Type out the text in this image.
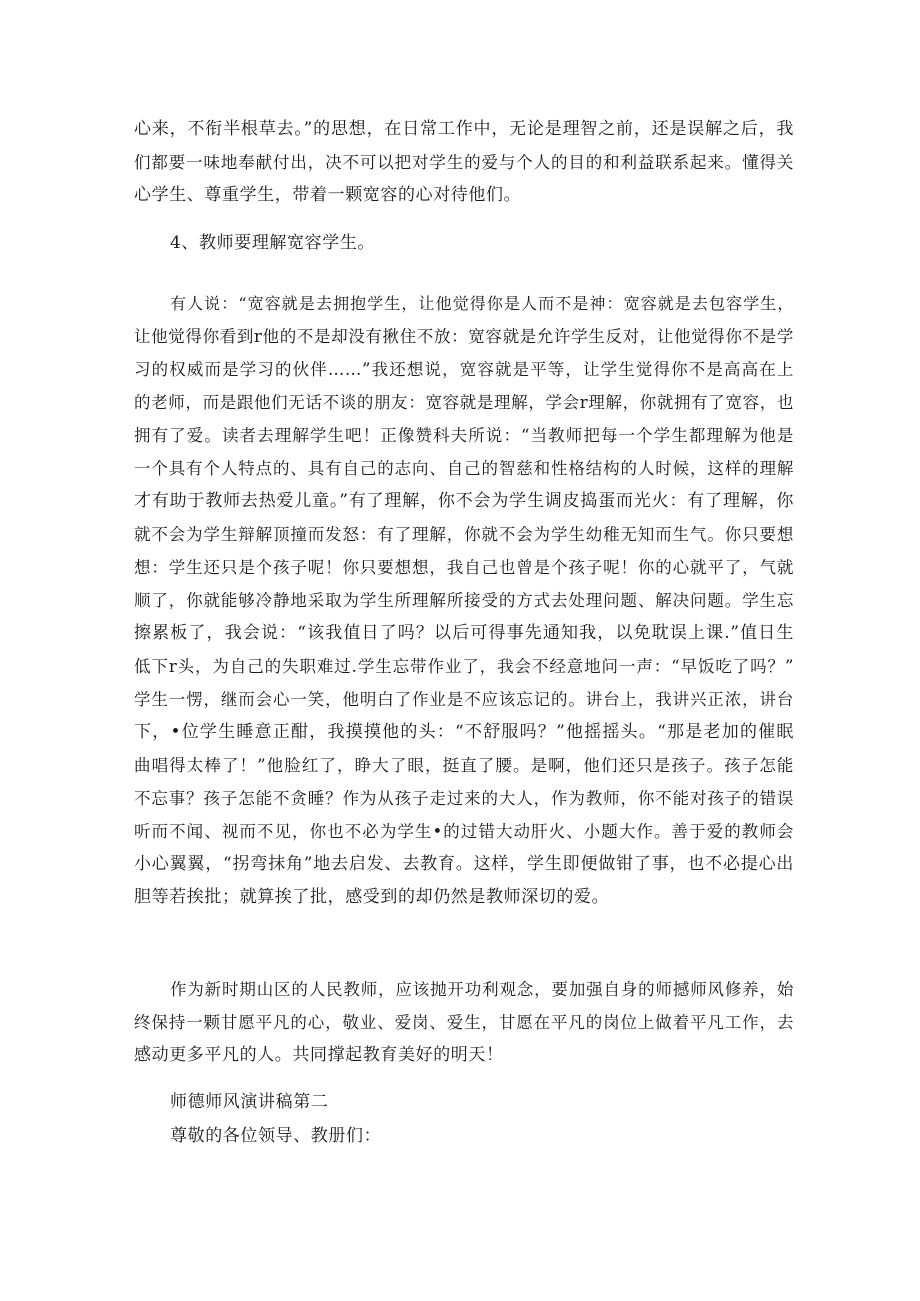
心来，不衔半根草去。”的思想，在日常工作中，无论是理智之前，还是误解之后，我
们都要一味地奉献付出，决不可以把对学生的爱与个人的目的和利益联系起来。懂得关
心学生、尊重学生，带着一颗宽容的心对待他们。
4、教师要理解宽容学生。
有人说：“宽容就是去拥抱学生，让他觉得你是人而不是神：宽容就是去包容学生，
让他觉得你看到r他的不是却没有揪住不放：宽容就是允许学生反对，让他觉得你不是学
习的权威而是学习的伙伴……”我还想说，宽容就是平等，让学生觉得你不是高高在上
的老师，而是跟他们无话不谈的朋友：宽容就是理解，学会r理解，你就拥有了宽容，也
拥有了爱。读者去理解学生吧！正像赞科夫所说：“当教师把每一个学生都理解为他是
一个具有个人特点的、具有自己的志向、自己的智慈和性格结构的人时候，这样的理解
才有助于教师去热爱儿童。”有了理解，你不会为学生调皮捣蛋而光火：有了理解，你
就不会为学生辩解顶撞而发怒：有了理解，你就不会为学生幼稚无知而生气。你只要想
想：学生还只是个孩子呢！你只要想想，我自己也曾是个孩子呢！你的心就平了，气就
顺了，你就能够冷静地采取为学生所理解所接受的方式去处理问题、解决问题。学生忘
擦累板了，我会说：“该我值日了吗？以后可得事先通知我，以免耽误上课.”值日生
低下r头，为自己的失职难过.学生忘带作业了，我会不经意地问一声：“早饭吃了吗？”
学生一愣，继而会心一笑，他明白了作业是不应该忘记的。讲台上，我讲兴正浓，讲台
下，•位学生睡意正酣，我摸摸他的头：“不舒服吗？”他摇摇头。“那是老加的催眠
曲唱得太棒了！”他脸红了，睁大了眼，挺直了腰。是啊，他们还只是孩子。孩子怎能
不忘事？孩子怎能不贪睡？作为从孩子走过来的大人，作为教师，你不能对孩子的错误
听而不闻、视而不见，你也不必为学生•的过错大动肝火、小题大作。善于爱的教师会
小心翼翼，“拐弯抹角”地去启发、去教育。这样，学生即便做钳了事，也不必提心出
胆等若挨批；就算挨了批，感受到的却仍然是教师深切的爱。
作为新时期山区的人民教师，应该抛开功利观念，要加强自身的师撼师风修养，始
终保持一颗甘愿平凡的心，敬业、爱岗、爱生，甘愿在平凡的岗位上做着平凡工作，去
感动更多平凡的人。共同撑起教育美好的明天！
师德师风演讲稿第二
尊敬的各位领导、教册们：
